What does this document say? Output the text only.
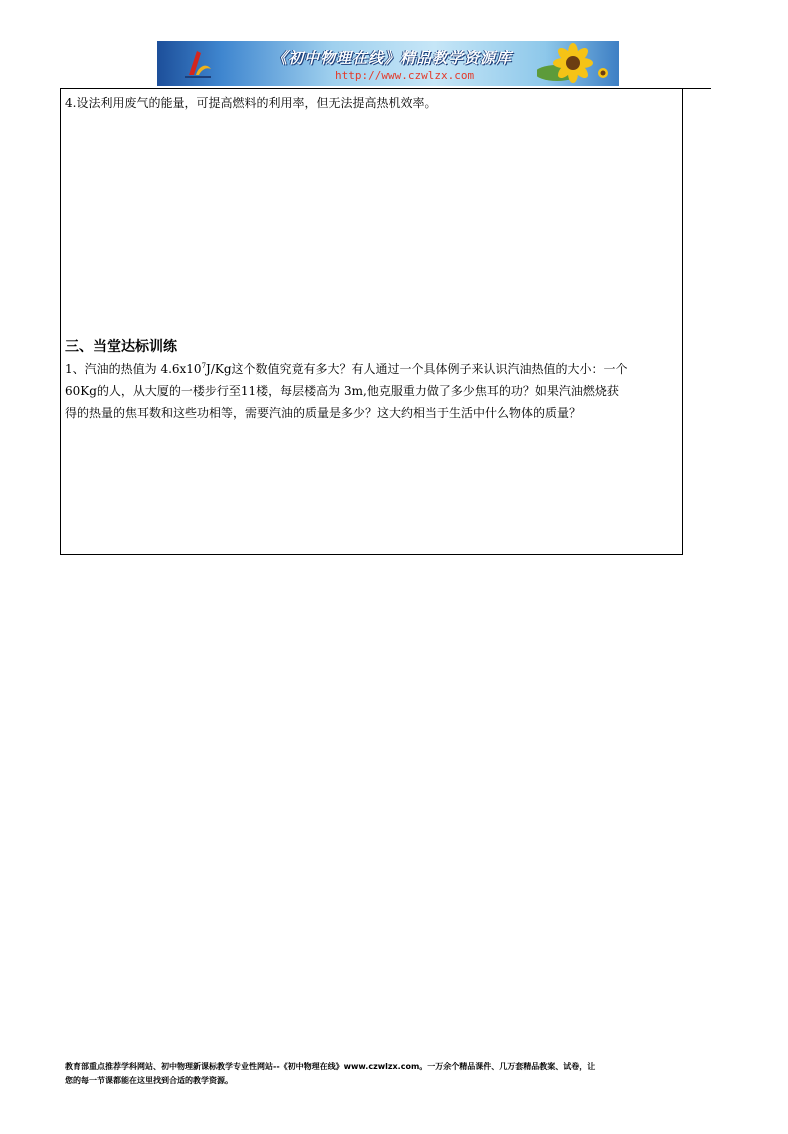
《初中物理在线》精品教学资源库
http://www.czwlzx.com
4.设法利用废气的能量，可提高燃料的利用率，但无法提高热机效率。
三、当堂达标训练
1、汽油的热值为 $4.6x10^7J/Kg$这个数值究竟有多大？有人通过一个具体例子来认识汽油热值的大小：一个
60Kg的人，从大厦的一楼步行至11楼，每层楼高为 3m,他克服重力做了多少焦耳的功？如果汽油燃烧获
得的热量的焦耳数和这些功相等，需要汽油的质量是多少？这大约相当于生活中什么物体的质量？
教育部重点推荐学科网站、初中物理新课标教学专业性网站--《初中物理在线》www.czwlzx.com。一万余个精品课件、几万套精品教案、试卷，让
您的每一节课都能在这里找到合适的教学资源。
